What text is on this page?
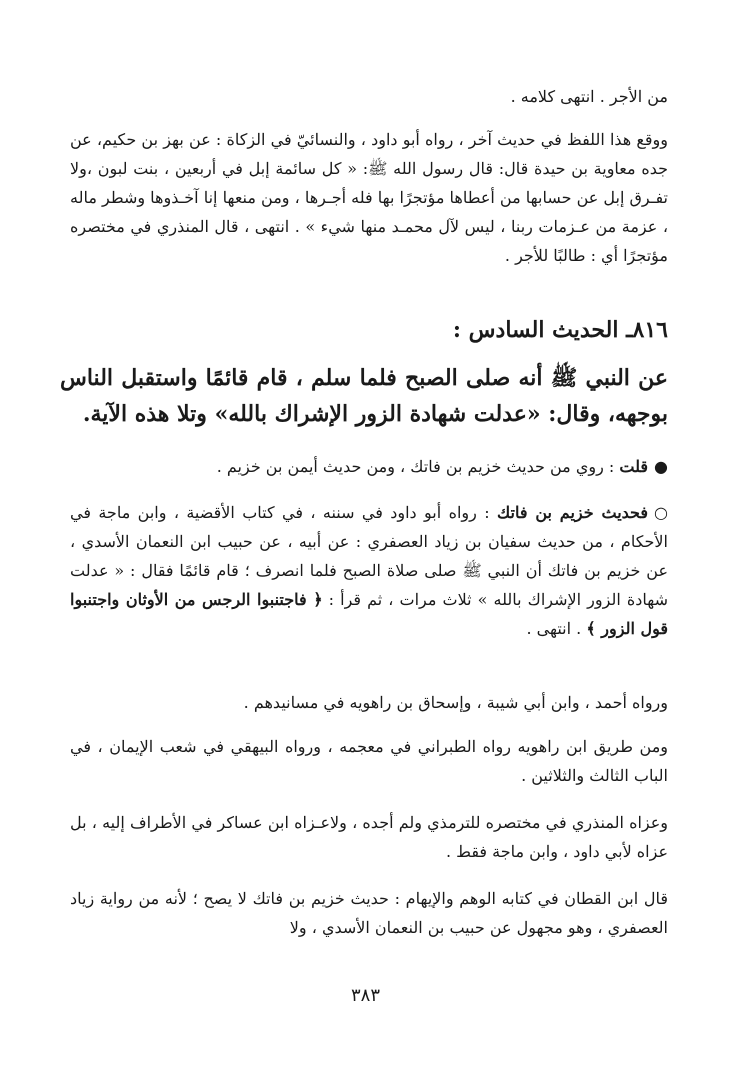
من الأجر . انتهى كلامه .
ووقع هذا اللفظ في حديث آخر ، رواه أبو داود ، والنسائيّ في الزكاة : عن بهز بن حكيم، عن جده معاوية بن حيدة قال: قال رسول الله ﷺ: « كل سائمة إبل في أربعين ، بنت لبون ،ولا تفـرق إبل عن حسابها من أعطاها مؤتجرًا بها فله أجـرها ، ومن منعها إنا آخـذوها وشطر ماله ، عزمة من عـزمات ربنا ، ليس لآل محمـد منها شيء » . انتهى ، قال المنذري في مختصره مؤتجرًا أي : طالبًا للأجر .
٨١٦ـ الحديث السادس :
عن النبي ﷺ أنه صلى الصبح فلما سلم ، قام قائمًا واستقبل الناس بوجهه، وقال: «عدلت شهادة الزور الإشراك بالله» وتلا هذه الآية.
●قلت : روي من حديث خزيم بن فاتك ، ومن حديث أيمن بن خزيم .
○فحديث خزيم بن فاتك : رواه أبو داود في سننه ، في كتاب الأقضية ، وابن ماجة في الأحكام ، من حديث سفيان بن زياد العصفري : عن أبيه ، عن حبيب ابن النعمان الأسدي ، عن خزيم بن فاتك أن النبي ﷺ صلى صلاة الصبح فلما انصرف ؛ قام قائمًا فقال : « عدلت شهادة الزور الإشراك بالله » ثلاث مرات ، ثم قرأ : ﴿ فاجتنبوا الرجس من الأوثان واجتنبوا قول الزور ﴾ . انتهى .
ورواه أحمد ، وابن أبي شيبة ، وإسحاق بن راهويه في مسانيدهم .
ومن طريق ابن راهويه رواه الطبراني في معجمه ، ورواه البيهقي في شعب الإيمان ، في الباب الثالث والثلاثين .
وعزاه المنذري في مختصره للترمذي ولم أجده ، ولاعـزاه ابن عساكر في الأطراف إليه ، بل عزاه لأبي داود ، وابن ماجة فقط .
قال ابن القطان في كتابه الوهم والإيهام : حديث خزيم بن فاتك لا يصح ؛ لأنه من رواية زياد العصفري ، وهو مجهول عن حبيب بن النعمان الأسدي ، ولا
٣٨٣
